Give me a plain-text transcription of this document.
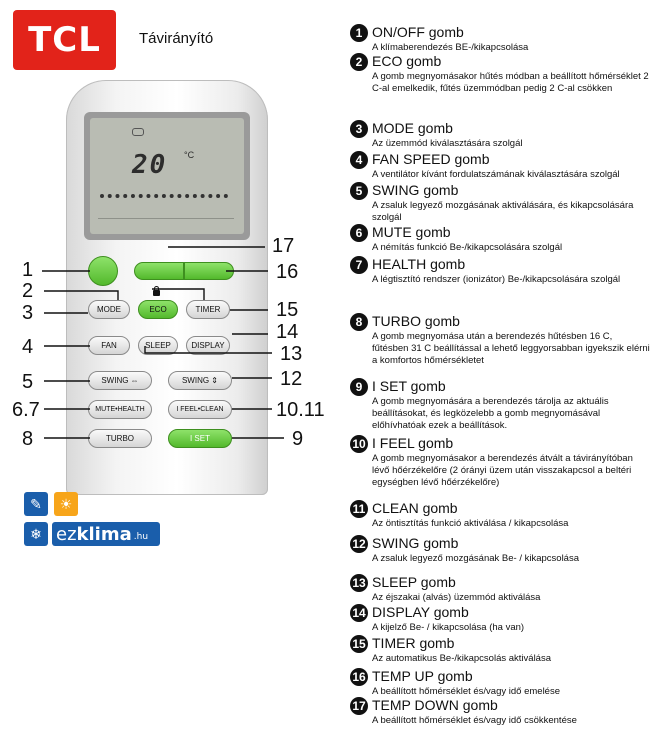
TCL	Távirányító
20 °C
MODE	ECO	TIMER
FAN	SLEEP	DISPLAY
SWING ⇔	SWING ⇕
MUTE•HEALTH	I FEEL•CLEAN
TURBO	I SET
1
2
3
4
5
6.7
8	9
10.11
12
13
14
15
16
17
✎	☀
❄ ez klima .hu
1 ON/OFF gomb
A klímaberendezés BE-/kikapcsolása
2 ECO gomb
A gomb megnyomásakor hűtés módban a beállított hőmérséklet 2 C-al emelkedik, fűtés üzemmódban pedig 2 C-al csökken
3 MODE gomb
Az üzemmód kiválasztására szolgál
4 FAN SPEED gomb
A ventilátor kívánt fordulatszámának kiválasztására szolgál
5 SWING gomb
A zsaluk legyező mozgásának aktiválására, és kikapcsolására szolgál
6 MUTE gomb
A némítás funkció Be-/kikapcsolására szolgál
7 HEALTH gomb
A légtisztító rendszer (ionizátor) Be-/kikapcsolására szolgál
8 TURBO gomb
A gomb megnyomása után a berendezés hűtésben 16 C, fűtésben 31 C beállítással a lehető leggyorsabban igyekszik elérni a komfortos hőmérsékletet
9 I SET gomb
A gomb megnyomására a berendezés tárolja az aktuális beállításokat, és legközelebb a gomb megnyomásával előhívhatóak ezek a beállítások.
10 I FEEL gomb
A gomb megnyomásakor a berendezés átvált a távirányítóban lévő hőérzékelőre (2 órányi üzem után visszakapcsol a beltéri egységben lévő hőérzékelőre)
11 CLEAN gomb
Az öntisztítás funkció aktiválása / kikapcsolása
12 SWING gomb
A zsaluk legyező mozgásának Be- / kikapcsolása
13 SLEEP gomb
Az éjszakai (alvás) üzemmód aktiválása
14 DISPLAY gomb
A kijelző Be- / kikapcsolása (ha van)
15 TIMER gomb
Az automatikus Be-/kikapcsolás aktiválása
16 TEMP UP gomb
A beállított hőmérséklet és/vagy idő emelése
17 TEMP DOWN gomb
A beállított hőmérséklet és/vagy idő csökkentése
